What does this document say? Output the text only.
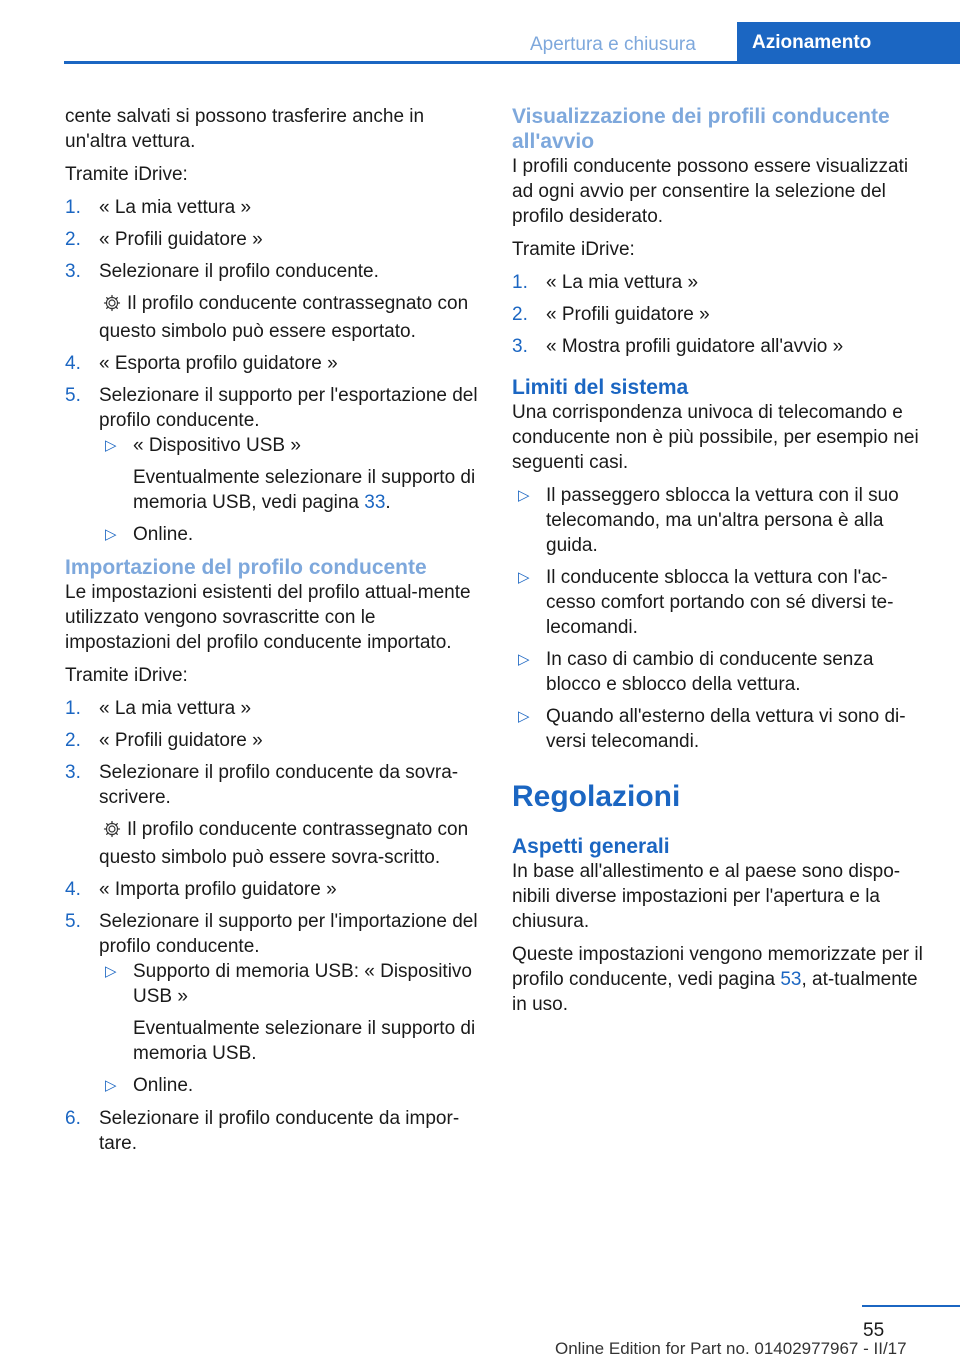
Apertura e chiusura	Azionamento

cente salvati si possono trasferire anche in un'altra vettura.

Tramite iDrive:

1. « La mia vettura »
2. « Profili guidatore »
3. Selezionare il profilo conducente.
Il profilo conducente contrassegnato con questo simbolo può essere esportato.
4. « Esporta profilo guidatore »
5. Selezionare il supporto per l'esportazione del profilo conducente.
▷ « Dispositivo USB »
Eventualmente selezionare il supporto di memoria USB, vedi pagina 33.
▷ Online.
Importazione del profilo conducente

Le impostazioni esistenti del profilo attual-mente utilizzato vengono sovrascritte con le impostazioni del profilo conducente importato.

Tramite iDrive:

1. « La mia vettura »
2. « Profili guidatore »
3. Selezionare il profilo conducente da sovra-scrivere.
Il profilo conducente contrassegnato con questo simbolo può essere sovra-scritto.
4. « Importa profilo guidatore »
5. Selezionare il supporto per l'importazione del profilo conducente.
▷ Supporto di memoria USB: « Dispositivo USB »
Eventualmente selezionare il supporto di memoria USB.
▷ Online.
6. Selezionare il profilo conducente da impor-tare.
Visualizzazione dei profili conducente all'avvio

I profili conducente possono essere visualizzati ad ogni avvio per consentire la selezione del profilo desiderato.

Tramite iDrive:

1. « La mia vettura »
2. « Profili guidatore »
3. « Mostra profili guidatore all'avvio »
Limiti del sistema

Una corrispondenza univoca di telecomando e conducente non è più possibile, per esempio nei seguenti casi.

▷ Il passeggero sblocca la vettura con il suo telecomando, ma un'altra persona è alla guida.
▷ Il conducente sblocca la vettura con l'ac-cesso comfort portando con sé diversi te-lecomandi.
▷ In caso di cambio di conducente senza blocco e sblocco della vettura.
▷ Quando all'esterno della vettura vi sono di-versi telecomandi.
Regolazioni
Aspetti generali

In base all'allestimento e al paese sono dispo-nibili diverse impostazioni per l'apertura e la chiusura.

Queste impostazioni vengono memorizzate per il profilo conducente, vedi pagina 53, at-tualmente in uso.

55
Online Edition for Part no. 01402977967 - II/17
